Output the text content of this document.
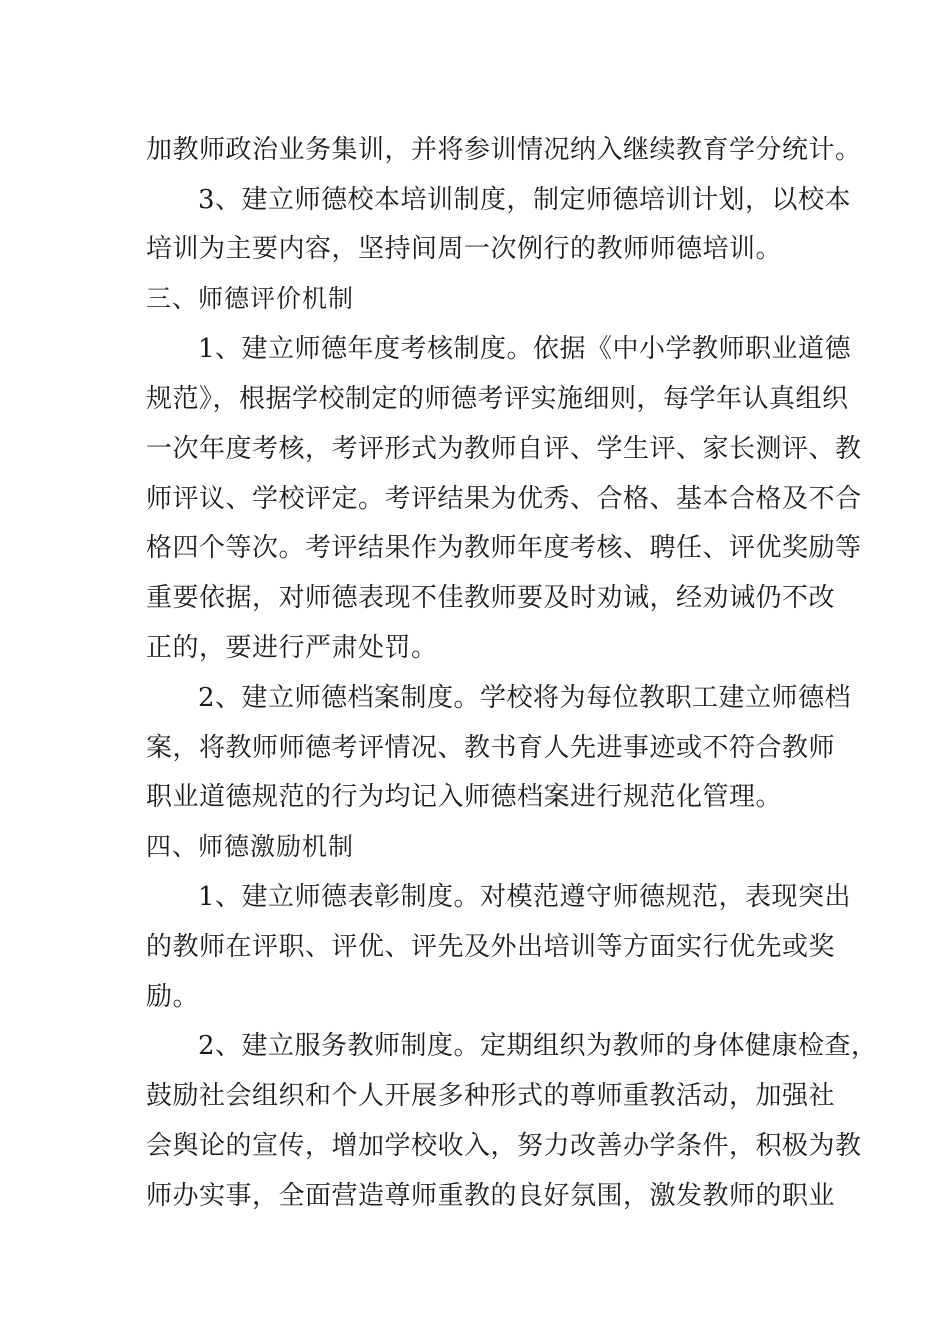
加教师政治业务集训，并将参训情况纳入继续教育学分统计。
3、建立师德校本培训制度，制定师德培训计划，以校本
培训为主要内容，坚持间周一次例行的教师师德培训。
三、师德评价机制
1、建立师德年度考核制度。依据《中小学教师职业道德
规范》，根据学校制定的师德考评实施细则，每学年认真组织
一次年度考核，考评形式为教师自评、学生评、家长测评、教
师评议、学校评定。考评结果为优秀、合格、基本合格及不合
格四个等次。考评结果作为教师年度考核、聘任、评优奖励等
重要依据，对师德表现不佳教师要及时劝诫，经劝诫仍不改
正的，要进行严肃处罚。
2、建立师德档案制度。学校将为每位教职工建立师德档
案，将教师师德考评情况、教书育人先进事迹或不符合教师
职业道德规范的行为均记入师德档案进行规范化管理。
四、师德激励机制
1、建立师德表彰制度。对模范遵守师德规范，表现突出
的教师在评职、评优、评先及外出培训等方面实行优先或奖
励。
2、建立服务教师制度。定期组织为教师的身体健康检查，
鼓励社会组织和个人开展多种形式的尊师重教活动，加强社
会舆论的宣传，增加学校收入，努力改善办学条件，积极为教
师办实事，全面营造尊师重教的良好氛围，激发教师的职业
